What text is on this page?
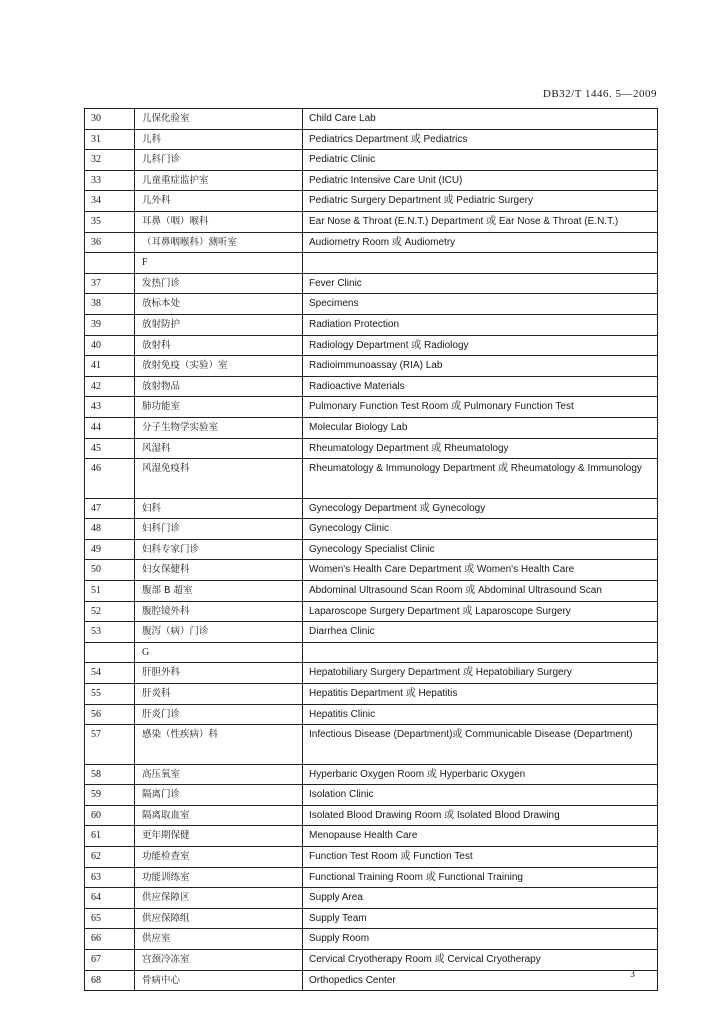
DB32/T 1446. 5—2009
30	儿保化验室	Child Care Lab
31	儿科	Pediatrics Department 或 Pediatrics
32	儿科门诊	Pediatric Clinic
33	儿童重症监护室	Pediatric Intensive Care Unit (ICU)
34	儿外科	Pediatric Surgery Department 或 Pediatric Surgery
35	耳鼻（咽）喉科	Ear Nose & Throat (E.N.T.) Department 或 Ear Nose & Throat (E.N.T.)
36	（耳鼻咽喉科）测听室	Audiometry Room 或 Audiometry
	F	
37	发热门诊	Fever Clinic
38	放标本处	Specimens
39	放射防护	Radiation Protection
40	放射科	Radiology Department 或 Radiology
41	放射免疫（实验）室	Radioimmunoassay (RIA) Lab
42	放射物品	Radioactive Materials
43	肺功能室	Pulmonary Function Test Room 或 Pulmonary Function Test
44	分子生物学实验室	Molecular Biology Lab
45	风湿科	Rheumatology Department 或 Rheumatology
46	风湿免疫科	Rheumatology & Immunology Department 或 Rheumatology & Immunology
47	妇科	Gynecology Department 或 Gynecology
48	妇科门诊	Gynecology Clinic
49	妇科专家门诊	Gynecology Specialist Clinic
50	妇女保健科	Women's Health Care Department 或 Women's Health Care
51	腹部 B 超室	Abdominal Ultrasound Scan Room 或 Abdominal Ultrasound Scan
52	腹腔镜外科	Laparoscope Surgery Department 或 Laparoscope Surgery
53	腹泻（病）门诊	Diarrhea Clinic
	G	
54	肝胆外科	Hepatobiliary Surgery Department 或 Hepatobiliary Surgery
55	肝炎科	Hepatitis Department 或 Hepatitis
56	肝炎门诊	Hepatitis Clinic
57	感染（性疾病）科	Infectious Disease (Department)或 Communicable Disease (Department)
58	高压氧室	Hyperbaric Oxygen Room 或 Hyperbaric Oxygen
59	隔离门诊	Isolation Clinic
60	隔离取血室	Isolated Blood Drawing Room 或 Isolated Blood Drawing
61	更年期保健	Menopause Health Care
62	功能检查室	Function Test Room 或 Function Test
63	功能训练室	Functional Training Room 或 Functional Training
64	供应保障区	Supply Area
65	供应保障组	Supply Team
66	供应室	Supply Room
67	宫颈冷冻室	Cervical Cryotherapy Room 或 Cervical Cryotherapy
68	骨病中心	Orthopedics Center
3
